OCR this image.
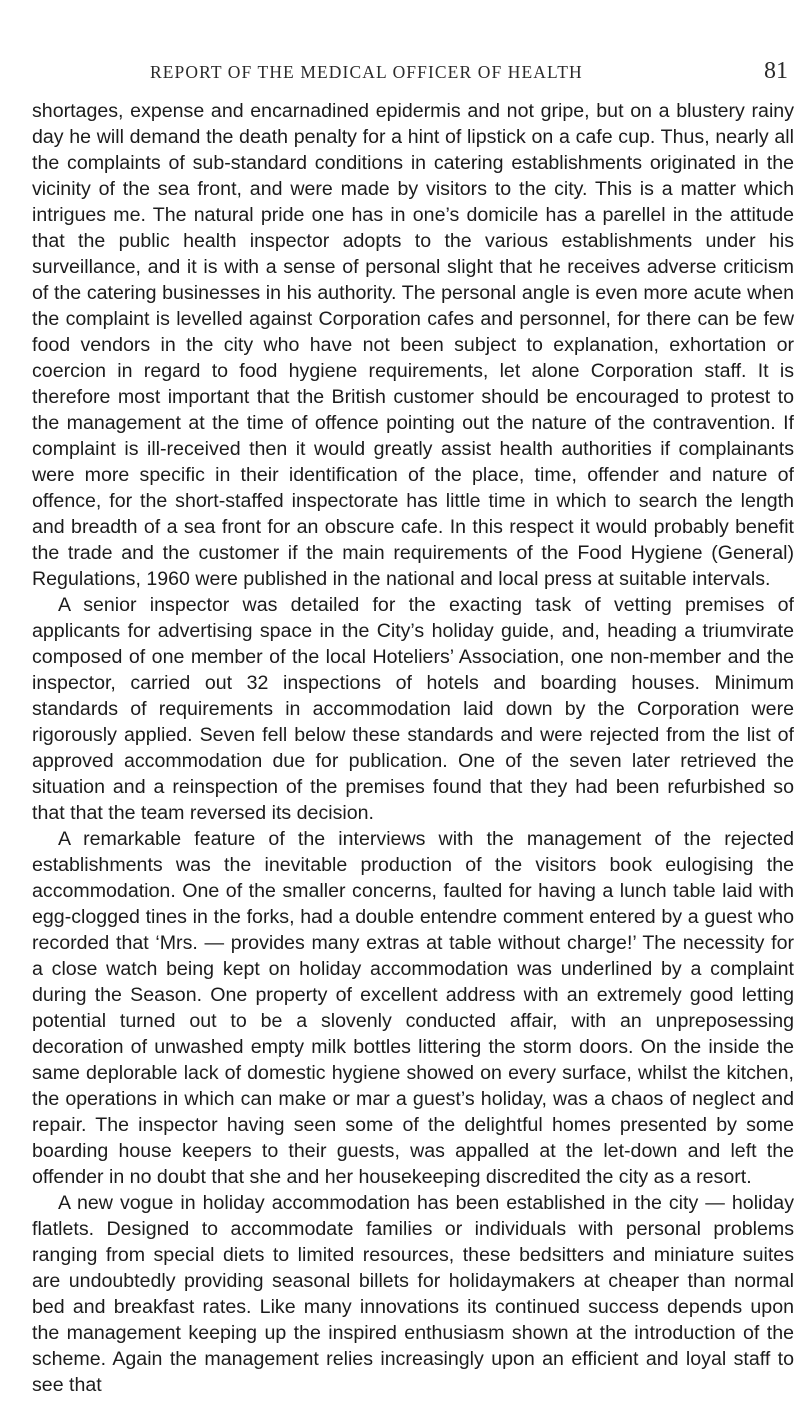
REPORT OF THE MEDICAL OFFICER OF HEALTH	81

shortages, expense and encarnadined epidermis and not gripe, but on a blustery rainy day he will demand the death penalty for a hint of lipstick on a cafe cup. Thus, nearly all the complaints of sub-standard conditions in catering establishments originated in the vicinity of the sea front, and were made by visitors to the city. This is a matter which intrigues me. The natural pride one has in one’s domicile has a parellel in the attitude that the public health inspector adopts to the various establishments under his surveillance, and it is with a sense of personal slight that he receives adverse criticism of the catering businesses in his authority. The personal angle is even more acute when the complaint is levelled against Corporation cafes and personnel, for there can be few food vendors in the city who have not been subject to explanation, exhortation or coercion in regard to food hygiene requirements, let alone Corporation staff. It is therefore most important that the British customer should be encouraged to protest to the management at the time of offence pointing out the nature of the contravention. If complaint is ill-received then it would greatly assist health authorities if complainants were more specific in their identification of the place, time, offender and nature of offence, for the short-staffed inspectorate has little time in which to search the length and breadth of a sea front for an obscure cafe. In this respect it would probably benefit the trade and the customer if the main requirements of the Food Hygiene (General) Regulations, 1960 were published in the national and local press at suitable intervals.

A senior inspector was detailed for the exacting task of vetting premises of applicants for advertising space in the City’s holiday guide, and, heading a triumvirate composed of one member of the local Hoteliers’ Association, one non-member and the inspector, carried out 32 inspections of hotels and boarding houses. Minimum standards of requirements in accommodation laid down by the Corporation were rigorously applied. Seven fell below these standards and were rejected from the list of approved accommodation due for publication. One of the seven later retrieved the situation and a reinspection of the premises found that they had been refurbished so that that the team reversed its decision.

A remarkable feature of the interviews with the management of the rejected establishments was the inevitable production of the visitors book eulogising the accommodation. One of the smaller concerns, faulted for having a lunch table laid with egg-clogged tines in the forks, had a double entendre comment entered by a guest who recorded that ‘Mrs. — provides many extras at table without charge!’ The necessity for a close watch being kept on holiday accommodation was underlined by a complaint during the Season. One property of excellent address with an extremely good letting potential turned out to be a slovenly conducted affair, with an unpreposessing decoration of unwashed empty milk bottles littering the storm doors. On the inside the same deplorable lack of domestic hygiene showed on every surface, whilst the kitchen, the operations in which can make or mar a guest’s holiday, was a chaos of neglect and repair. The inspector having seen some of the delightful homes presented by some boarding house keepers to their guests, was appalled at the let-down and left the offender in no doubt that she and her housekeeping discredited the city as a resort.

A new vogue in holiday accommodation has been established in the city — holiday flatlets. Designed to accommodate families or individuals with personal problems ranging from special diets to limited resources, these bedsitters and miniature suites are undoubtedly providing seasonal billets for holidaymakers at cheaper than normal bed and breakfast rates. Like many innovations its continued success depends upon the management keeping up the inspired enthusiasm shown at the introduction of the scheme. Again the management relies increasingly upon an efficient and loyal staff to see that
